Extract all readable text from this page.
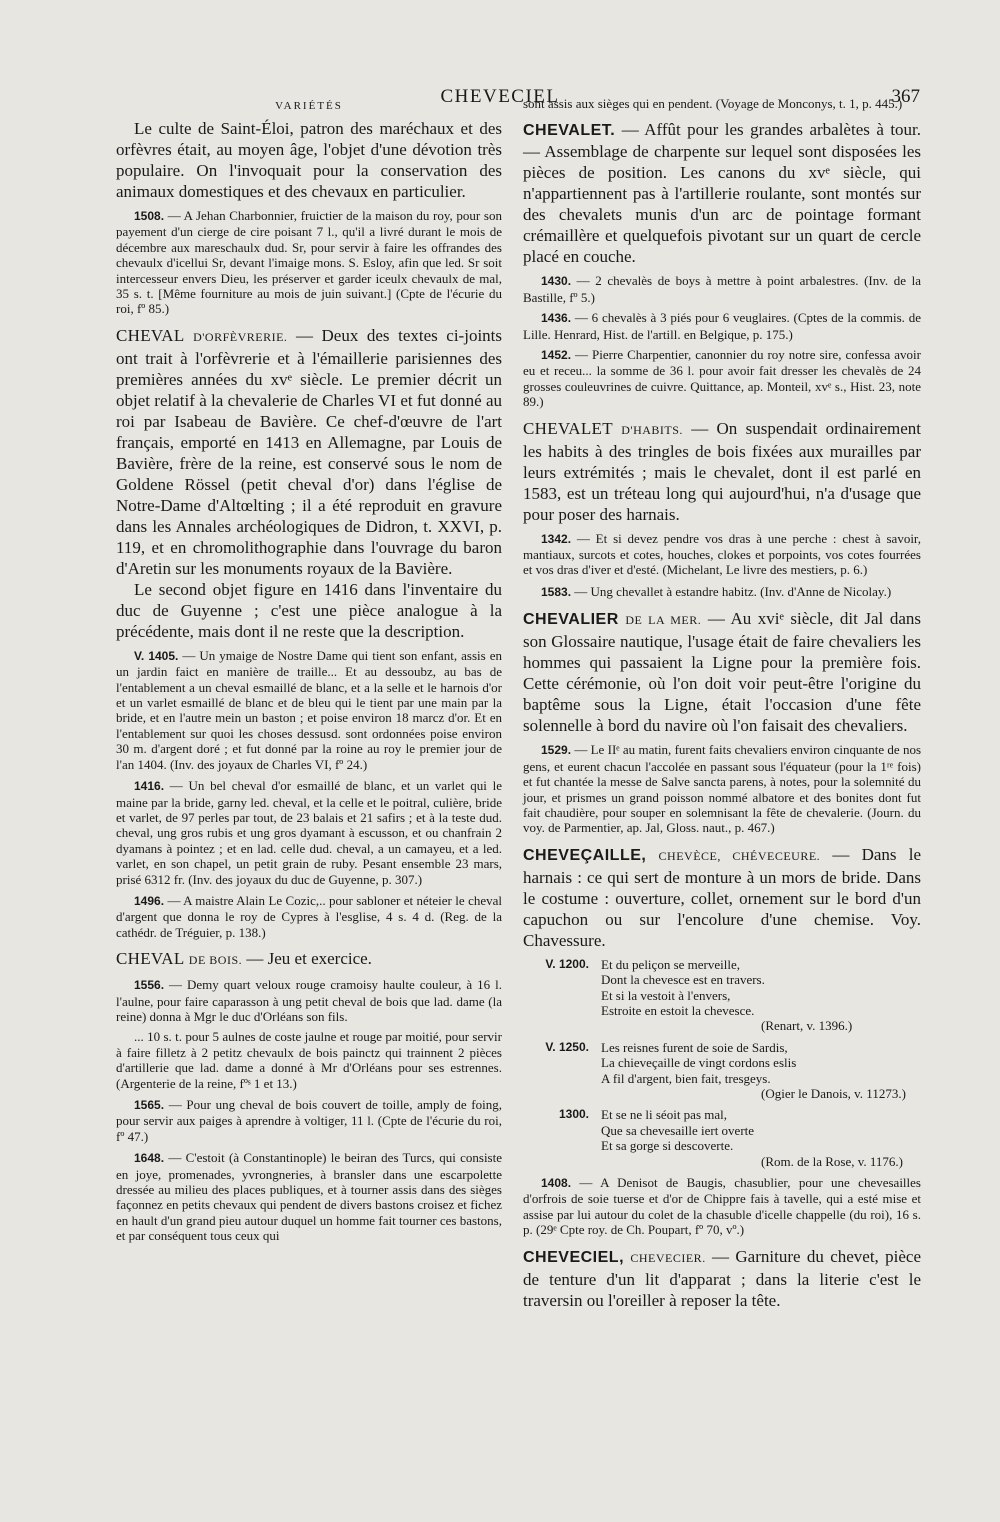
CHEVECIEL	367
VARIÉTÉS

Le culte de Saint-Éloi, patron des maréchaux et des orfèvres était, au moyen âge, l'objet d'une dévotion très populaire. On l'invoquait pour la conservation des animaux domestiques et des chevaux en particulier.

1508. — A Jehan Charbonnier, fruictier de la maison du roy, pour son payement d'un cierge de cire poisant 7 l., qu'il a livré durant le mois de décembre aux mareschaulx dud. Sr, pour servir à faire les offrandes des chevaulx d'icellui Sr, devant l'imaige mons. S. Esloy, afin que led. Sr soit intercesseur envers Dieu, les préserver et garder iceulx chevaulx de mal, 35 s. t. [Même fourniture au mois de juin suivant.] (Cpte de l'écurie du roi, fº 85.)

CHEVAL D'ORFÈVRERIE. — Deux des textes ci-joints ont trait à l'orfèvrerie et à l'émaillerie parisiennes des premières années du xvᵉ siècle. Le premier décrit un objet relatif à la chevalerie de Charles VI et fut donné au roi par Isabeau de Bavière. Ce chef-d'œuvre de l'art français, emporté en 1413 en Allemagne, par Louis de Bavière, frère de la reine, est conservé sous le nom de Goldene Rössel (petit cheval d'or) dans l'église de Notre-Dame d'Altœlting ; il a été reproduit en gravure dans les Annales archéologiques de Didron, t. XXVI, p. 119, et en chromolithographie dans l'ouvrage du baron d'Aretin sur les monuments royaux de la Bavière.

Le second objet figure en 1416 dans l'inventaire du duc de Guyenne ; c'est une pièce analogue à la précédente, mais dont il ne reste que la description.

V. 1405. — Un ymaige de Nostre Dame qui tient son enfant, assis en un jardin faict en manière de traille... Et au dessoubz, au bas de l'entablement a un cheval esmaillé de blanc, et a la selle et le harnois d'or et un varlet esmaillé de blanc et de bleu qui le tient par une main par la bride, et en l'autre mein un baston ; et poise environ 18 marcz d'or. Et en l'entablement sur quoi les choses dessusd. sont ordonnées poise environ 30 m. d'argent doré ; et fut donné par la roine au roy le premier jour de l'an 1404. (Inv. des joyaux de Charles VI, fº 24.)

1416. — Un bel cheval d'or esmaillé de blanc, et un varlet qui le maine par la bride, garny led. cheval, et la celle et le poitral, culière, bride et varlet, de 97 perles par tout, de 23 balais et 21 safirs ; et à la teste dud. cheval, ung gros rubis et ung gros dyamant à escusson, et ou chanfrain 2 dyamans à pointez ; et en lad. celle dud. cheval, a un camayeu, et a led. varlet, en son chapel, un petit grain de ruby. Pesant ensemble 23 mars, prisé 6312 fr. (Inv. des joyaux du duc de Guyenne, p. 307.)

1496. — A maistre Alain Le Cozic,.. pour sabloner et néteier le cheval d'argent que donna le roy de Cypres à l'esglise, 4 s. 4 d. (Reg. de la cathédr. de Tréguier, p. 138.)

CHEVAL DE BOIS. — Jeu et exercice.

1556. — Demy quart veloux rouge cramoisy haulte couleur, à 16 l. l'aulne, pour faire caparasson à ung petit cheval de bois que lad. dame (la reine) donna à Mgr le duc d'Orléans son fils.

... 10 s. t. pour 5 aulnes de coste jaulne et rouge par moitié, pour servir à faire filletz à 2 petitz chevaulx de bois painctz qui trainnent 2 pièces d'artillerie que lad. dame a donné à Mr d'Orléans pour ses estrennes. (Argenterie de la reine, fºˢ 1 et 13.)

1565. — Pour ung cheval de bois couvert de toille, amply de foing, pour servir aux paiges à aprendre à voltiger, 11 l. (Cpte de l'écurie du roi, fº 47.)

1648. — C'estoit (à Constantinople) le beiran des Turcs, qui consiste en joye, promenades, yvrongneries, à bransler dans une escarpolette dressée au milieu des places publiques, et à tourner assis dans des sièges façonnez en petits chevaux qui pendent de divers bastons croisez et fichez en hault d'un grand pieu autour duquel un homme fait tourner ces bastons, et par conséquent tous ceux qui

sont assis aux sièges qui en pendent. (Voyage de Monconys, t. 1, p. 445.)

CHEVALET. — Affût pour les grandes arbalètes à tour. — Assemblage de charpente sur lequel sont disposées les pièces de position. Les canons du xvᵉ siècle, qui n'appartiennent pas à l'artillerie roulante, sont montés sur des chevalets munis d'un arc de pointage formant crémaillère et quelquefois pivotant sur un quart de cercle placé en couche.

1430. — 2 chevalès de boys à mettre à point arbalestres. (Inv. de la Bastille, fº 5.)

1436. — 6 chevalès à 3 piés pour 6 veuglaires. (Cptes de la commis. de Lille. Henrard, Hist. de l'artill. en Belgique, p. 175.)

1452. — Pierre Charpentier, canonnier du roy notre sire, confessa avoir eu et receu... la somme de 36 l. pour avoir fait dresser les chevalès de 24 grosses couleuvrines de cuivre. Quittance, ap. Monteil, xvᵉ s., Hist. 23, note 89.)

CHEVALET D'HABITS. — On suspendait ordinairement les habits à des tringles de bois fixées aux murailles par leurs extrémités ; mais le chevalet, dont il est parlé en 1583, est un tréteau long qui aujourd'hui, n'a d'usage que pour poser des harnais.

1342. — Et si devez pendre vos dras à une perche : chest à savoir, mantiaux, surcots et cotes, houches, clokes et porpoints, vos cotes fourrées et vos dras d'iver et d'esté. (Michelant, Le livre des mestiers, p. 6.)

1583. — Ung chevallet à estandre habitz. (Inv. d'Anne de Nicolay.)

CHEVALIER DE LA MER. — Au xviᵉ siècle, dit Jal dans son Glossaire nautique, l'usage était de faire chevaliers les hommes qui passaient la Ligne pour la première fois. Cette cérémonie, où l'on doit voir peut-être l'origine du baptême sous la Ligne, était l'occasion d'une fête solennelle à bord du navire où l'on faisait des chevaliers.

1529. — Le IIᵉ au matin, furent faits chevaliers environ cinquante de nos gens, et eurent chacun l'accolée en passant sous l'équateur (pour la 1ʳᵉ fois) et fut chantée la messe de Salve sancta parens, à notes, pour la solemnité du jour, et prismes un grand poisson nommé albatore et des bonites dont fut fait chaudière, pour souper en solemnisant la fête de chevalerie. (Journ. du voy. de Parmentier, ap. Jal, Gloss. naut., p. 467.)

CHEVEÇAILLE, CHEVÈCE, CHÉVECEURE. — Dans le harnais : ce qui sert de monture à un mors de bride. Dans le costume : ouverture, collet, ornement sur le bord d'un capuchon ou sur l'encolure d'une chemise. Voy. Chavessure.

V. 1200. Et du peliçon se merveille,
Dont la chevesce est en travers.
Et si la vestoit à l'envers,
Estroite en estoit la chevesce.
(Renart, v. 1396.)
V. 1250. Les reisnes furent de soie de Sardis,
La chieveçaille de vingt cordons eslis
A fil d'argent, bien fait, tresgeys.
(Ogier le Danois, v. 11273.)
1300. Et se ne li séoit pas mal,
Que sa chevesaille iert overte
Et sa gorge si descoverte.
(Rom. de la Rose, v. 1176.)

1408. — A Denisot de Baugis, chasublier, pour une chevesailles d'orfrois de soie tuerse et d'or de Chippre fais à tavelle, qui a esté mise et assise par lui autour du colet de la chasuble d'icelle chappelle (du roi), 16 s. p. (29ᵉ Cpte roy. de Ch. Poupart, fº 70, vº.)

CHEVECIEL, CHEVECIER. — Garniture du chevet, pièce de tenture d'un lit d'apparat ; dans la literie c'est le traversin ou l'oreiller à reposer la tête.
